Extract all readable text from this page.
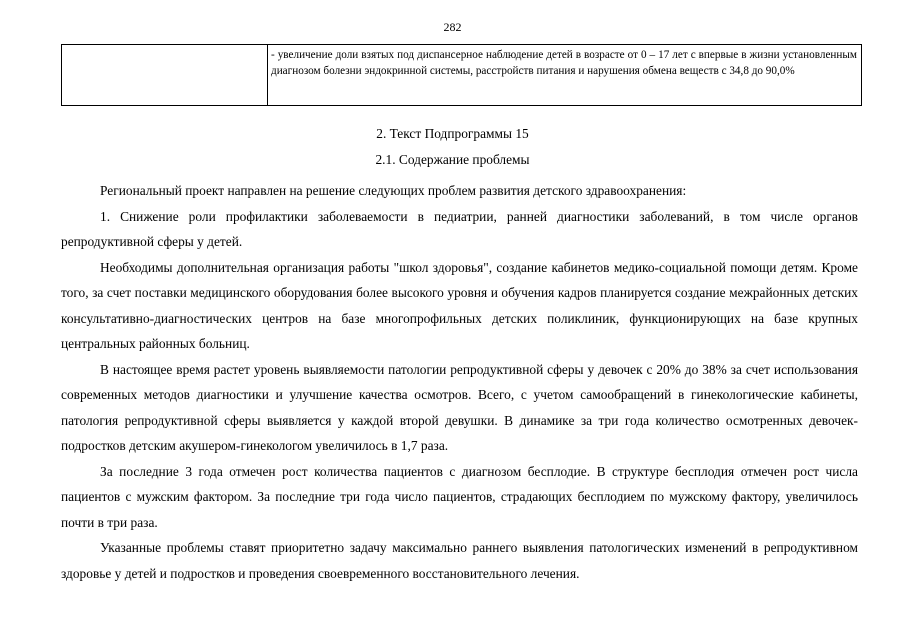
282
	- увеличение доли взятых под диспансерное наблюдение детей в возрасте от 0 – 17 лет с впервые в жизни установленным диагнозом болезни эндокринной системы, расстройств питания и нарушения обмена веществ с 34,8 до 90,0%
2. Текст Подпрограммы 15
2.1. Содержание проблемы

Региональный проект направлен на решение следующих проблем развития детского здравоохранения:

1. Снижение роли профилактики заболеваемости в педиатрии, ранней диагностики заболеваний, в том числе органов репродуктивной сферы у детей.

Необходимы дополнительная организация работы "школ здоровья", создание кабинетов медико-социальной помощи детям. Кроме того, за счет поставки медицинского оборудования более высокого уровня и обучения кадров планируется создание межрайонных детских консультативно-диагностических центров на базе многопрофильных детских поликлиник, функционирующих на базе крупных центральных районных больниц.

В настоящее время растет уровень выявляемости патологии репродуктивной сферы у девочек с 20% до 38% за счет использования современных методов диагностики и улучшение качества осмотров. Всего, с учетом самообращений в гинекологические кабинеты, патология репродуктивной сферы выявляется у каждой второй девушки. В динамике за три года количество осмотренных девочек-подростков детским акушером-гинекологом увеличилось в 1,7 раза.

За последние 3 года отмечен рост количества пациентов с диагнозом бесплодие. В структуре бесплодия отмечен рост числа пациентов с мужским фактором. За последние три года число пациентов, страдающих бесплодием по мужскому фактору, увеличилось почти в три раза.

Указанные проблемы ставят приоритетно задачу максимально раннего выявления патологических изменений в репродуктивном здоровье у детей и подростков и проведения своевременного восстановительного лечения.
